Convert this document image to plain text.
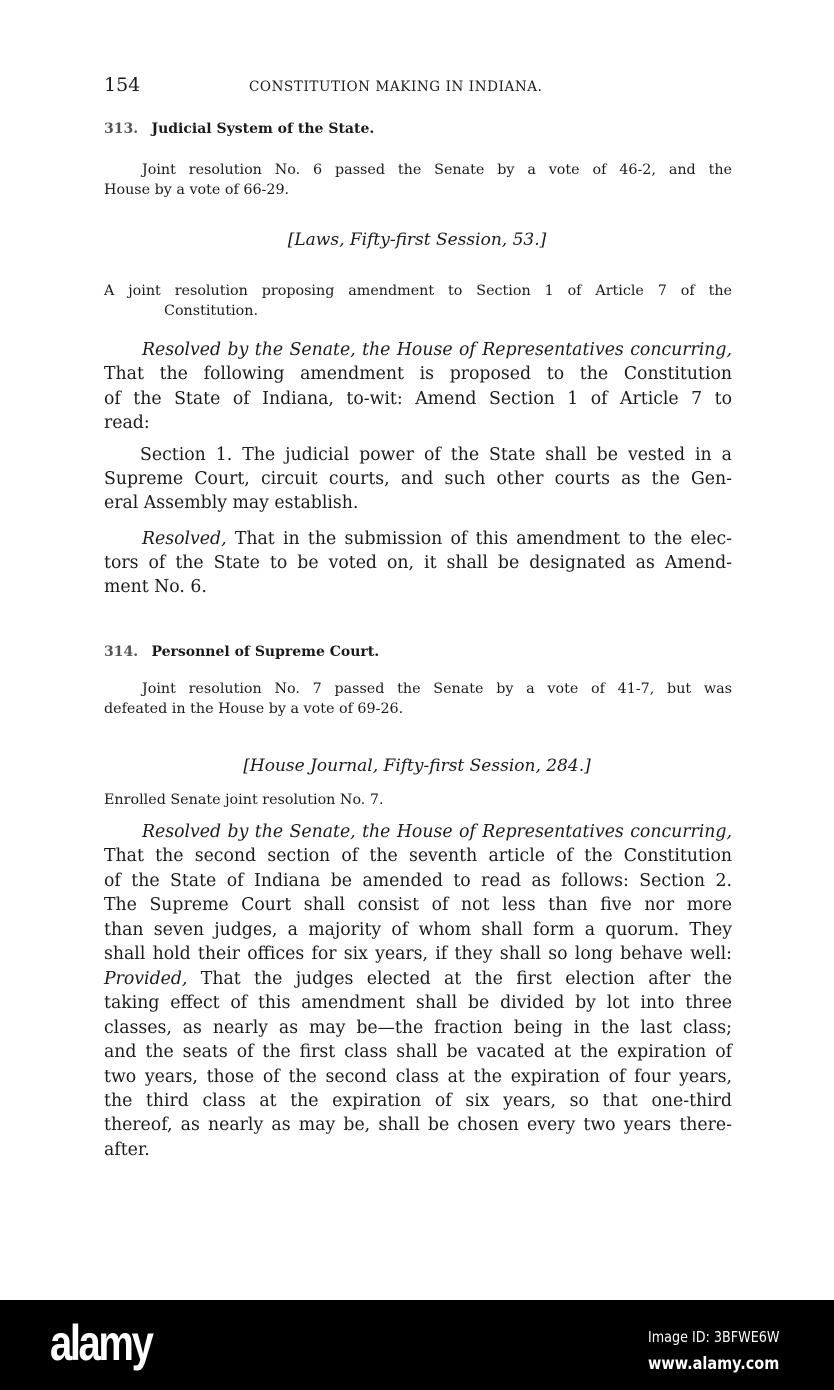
154	CONSTITUTION MAKING IN INDIANA.
313. Judicial System of the State.
[Laws, Fifty-first Session, 53.]
314. Personnel of Supreme Court.
[House Journal, Fifty-first Session, 284.]
Enrolled Senate joint resolution No. 7.
Joint resolution No. 6 passed the Senate by a vote of 46-2, and the
House by a vote of 66-29.
A joint resolution proposing amendment to Section 1 of Article 7 of the
Constitution.
Resolved by the Senate, the House of Representatives concurring,
That the following amendment is proposed to the Constitution
of the State of Indiana, to-wit: Amend Section 1 of Article 7 to
read:
Section 1. The judicial power of the State shall be vested in a
Supreme Court, circuit courts, and such other courts as the Gen-
eral Assembly may establish.
Resolved, That in the submission of this amendment to the elec-
tors of the State to be voted on, it shall be designated as Amend-
ment No. 6.
Joint resolution No. 7 passed the Senate by a vote of 41-7, but was
defeated in the House by a vote of 69-26.
Resolved by the Senate, the House of Representatives concurring,
That the second section of the seventh article of the Constitution
of the State of Indiana be amended to read as follows: Section 2.
The Supreme Court shall consist of not less than five nor more
than seven judges, a majority of whom shall form a quorum. They
shall hold their offices for six years, if they shall so long behave well:
Provided, That the judges elected at the first election after the
taking effect of this amendment shall be divided by lot into three
classes, as nearly as may be—the fraction being in the last class;
and the seats of the first class shall be vacated at the expiration of
two years, those of the second class at the expiration of four years,
the third class at the expiration of six years, so that one-third
thereof, as nearly as may be, shall be chosen every two years there-
after.
alamy	Image ID: 3BFWE6W
www.alamy.com
